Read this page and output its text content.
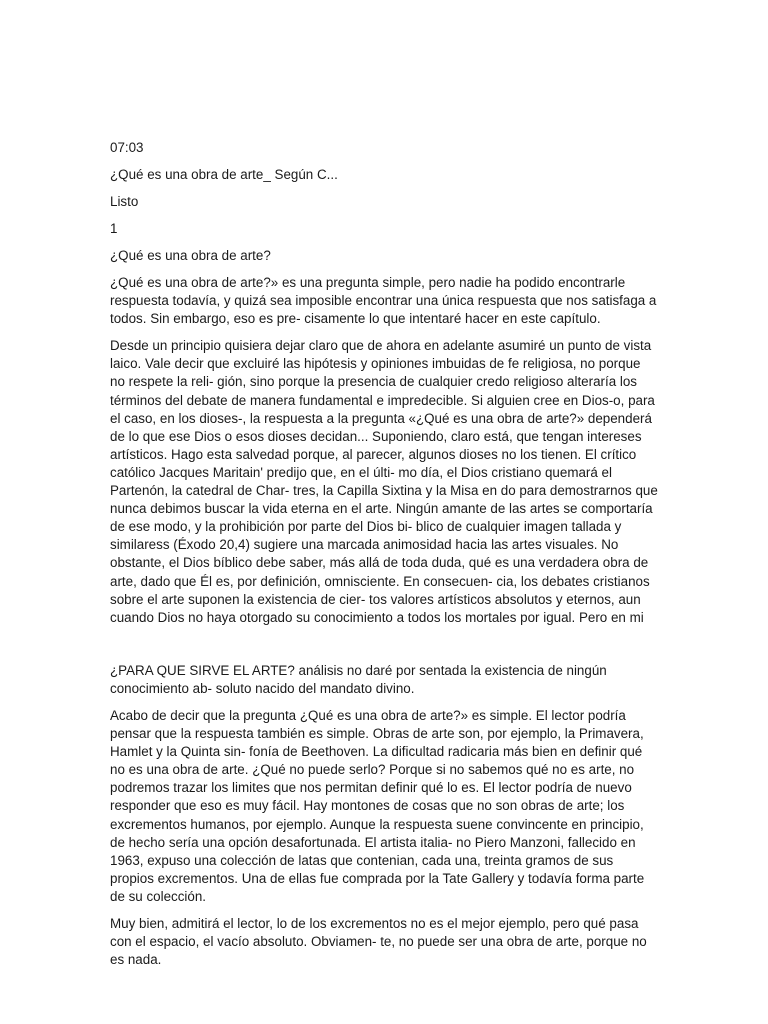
07:03
¿Qué es una obra de arte_ Según C...
Listo
1
¿Qué es una obra de arte?

¿Qué es una obra de arte?» es una pregunta simple, pero nadie ha podido encontrarle respuesta todavía, y quizá sea imposible encontrar una única respuesta que nos satisfaga a todos. Sin embargo, eso es pre- cisamente lo que intentaré hacer en este capítulo.

Desde un principio quisiera dejar claro que de ahora en adelante asumiré un punto de vista laico. Vale decir que excluiré las hipótesis y opiniones imbuidas de fe religiosa, no porque no respete la reli- gión, sino porque la presencia de cualquier credo religioso alteraría los términos del debate de manera fundamental e impredecible. Si alguien cree en Dios-o, para el caso, en los dioses-, la respuesta a la pregunta «¿Qué es una obra de arte?» dependerá de lo que ese Dios o esos dioses decidan... Suponiendo, claro está, que tengan intereses artísticos. Hago esta salvedad porque, al parecer, algunos dioses no los tienen. El crítico católico Jacques Maritain' predijo que, en el últi- mo día, el Dios cristiano quemará el Partenón, la catedral de Char- tres, la Capilla Sixtina y la Misa en do para demostrarnos que nunca debimos buscar la vida eterna en el arte. Ningún amante de las artes se comportaría de ese modo, y la prohibición por parte del Dios bi- blico de cualquier imagen tallada y similaress (Éxodo 20,4) sugiere una marcada animosidad hacia las artes visuales. No obstante, el Dios bíblico debe saber, más allá de toda duda, qué es una verdadera obra de arte, dado que Él es, por definición, omnisciente. En consecuen- cia, los debates cristianos sobre el arte suponen la existencia de cier- tos valores artísticos absolutos y eternos, aun cuando Dios no haya otorgado su conocimiento a todos los mortales por igual. Pero en mi

¿PARA QUE SIRVE EL ARTE? análisis no daré por sentada la existencia de ningún conocimiento ab- soluto nacido del mandato divino.

Acabo de decir que la pregunta ¿Qué es una obra de arte?» es simple. El lector podría pensar que la respuesta también es simple. Obras de arte son, por ejemplo, la Primavera, Hamlet y la Quinta sin- fonía de Beethoven. La dificultad radicaria más bien en definir qué no es una obra de arte. ¿Qué no puede serlo? Porque si no sabemos qué no es arte, no podremos trazar los limites que nos permitan definir qué lo es. El lector podría de nuevo responder que eso es muy fácil. Hay montones de cosas que no son obras de arte; los excrementos humanos, por ejemplo. Aunque la respuesta suene convincente en principio, de hecho sería una opción desafortunada. El artista italia- no Piero Manzoni, fallecido en 1963, expuso una colección de latas que contenian, cada una, treinta gramos de sus propios excrementos. Una de ellas fue comprada por la Tate Gallery y todavía forma parte de su colección.

Muy bien, admitirá el lector, lo de los excrementos no es el mejor ejemplo, pero qué pasa con el espacio, el vacío absoluto. Obviamen- te, no puede ser una obra de arte, porque no es nada.
